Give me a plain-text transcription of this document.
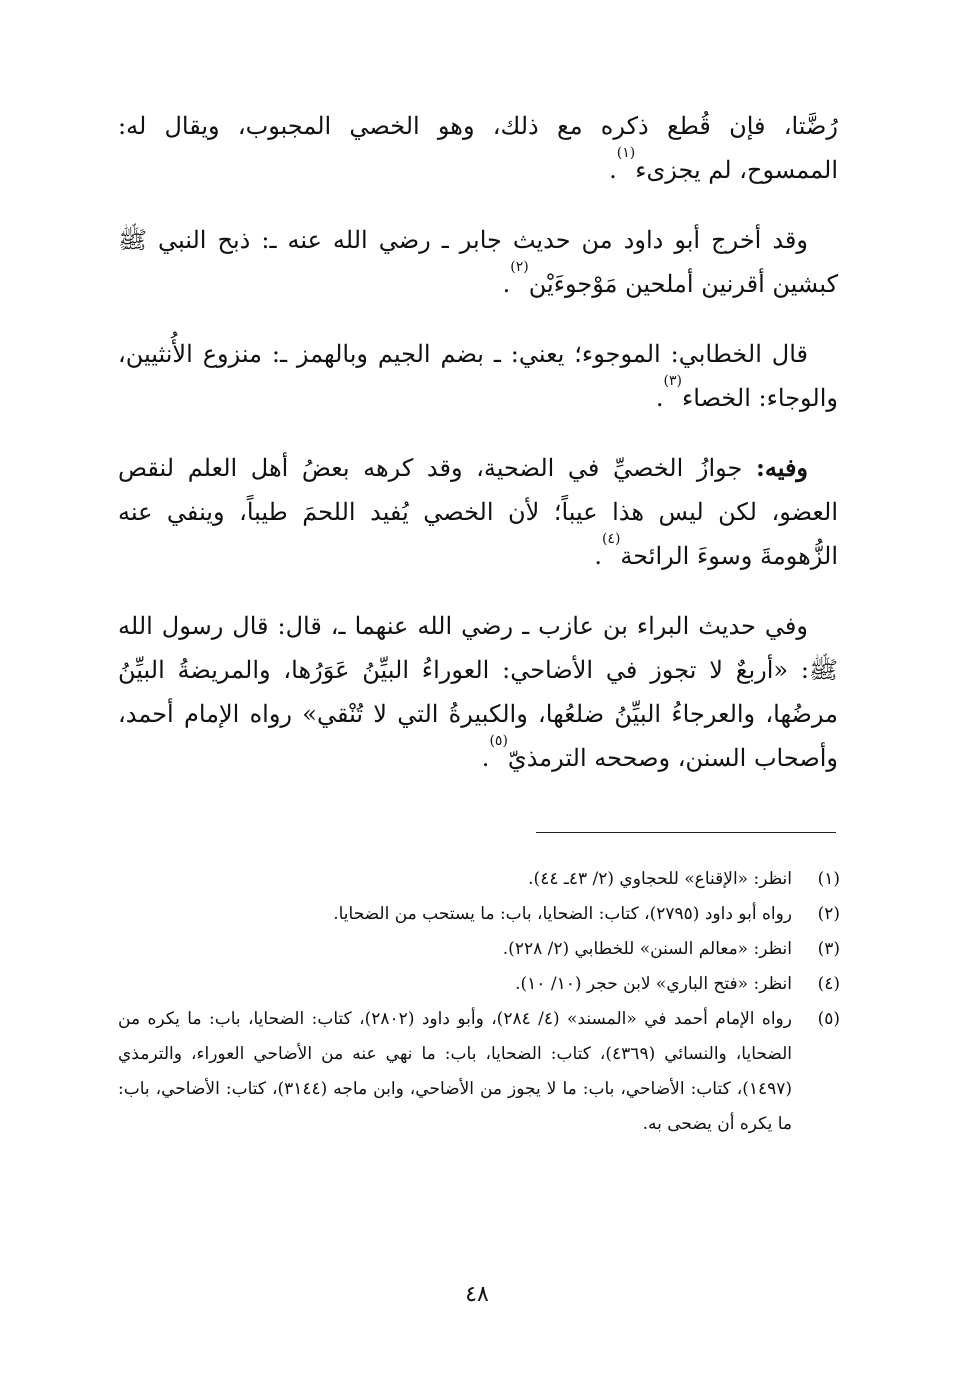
رُضَّتا، فإن قُطع ذكره مع ذلك، وهو الخصي المجبوب، ويقال له: الممسوح، لم يجزىء$^{(١)}$.

وقد أخرج أبو داود من حديث جابر ـ رضي الله عنه ـ: ذبح النبي ﷺ كبشين أقرنين أملحين مَوْجوءَيْن$^{(٢)}$.

قال الخطابي: الموجوء؛ يعني: ـ بضم الجيم وبالهمز ـ: منزوع الأُنثيين، والوجاء: الخصاء$^{(٣)}$.

وفيه: جوازُ الخصيِّ في الضحية، وقد كرهه بعضُ أهل العلم لنقص العضو، لكن ليس هذا عيباً؛ لأن الخصي يُفيد اللحمَ طيباً، وينفي عنه الزُّهومةَ وسوءَ الرائحة$^{(٤)}$.

وفي حديث البراء بن عازب ـ رضي الله عنهما ـ، قال: قال رسول الله ﷺ: «أربعٌ لا تجوز في الأضاحي: العوراءُ البيِّنُ عَوَرُها، والمريضةُ البيِّنُ مرضُها، والعرجاءُ البيِّنُ ضلعُها، والكبيرةُ التي لا تُنْقي» رواه الإمام أحمد، وأصحاب السنن، وصححه الترمذيّ$^{(٥)}$.

(١)
انظر: «الإقناع» للحجاوي (٢/ ٤٣ـ ٤٤).
(٢)
رواه أبو داود (٢٧٩٥)، كتاب: الضحايا، باب: ما يستحب من الضحايا.
(٣)
انظر: «معالم السنن» للخطابي (٢/ ٢٢٨).
(٤)
انظر: «فتح الباري» لابن حجر (١٠/ ١٠).
(٥)
رواه الإمام أحمد في «المسند» (٤/ ٢٨٤)، وأبو داود (٢٨٠٢)، كتاب: الضحايا، باب: ما يكره من الضحايا، والنسائي (٤٣٦٩)، كتاب: الضحايا، باب: ما نهي عنه من الأضاحي العوراء، والترمذي (١٤٩٧)، كتاب: الأضاحي، باب: ما لا يجوز من الأضاحي، وابن ماجه (٣١٤٤)، كتاب: الأضاحي، باب: ما يكره أن يضحى به.
٤٨
